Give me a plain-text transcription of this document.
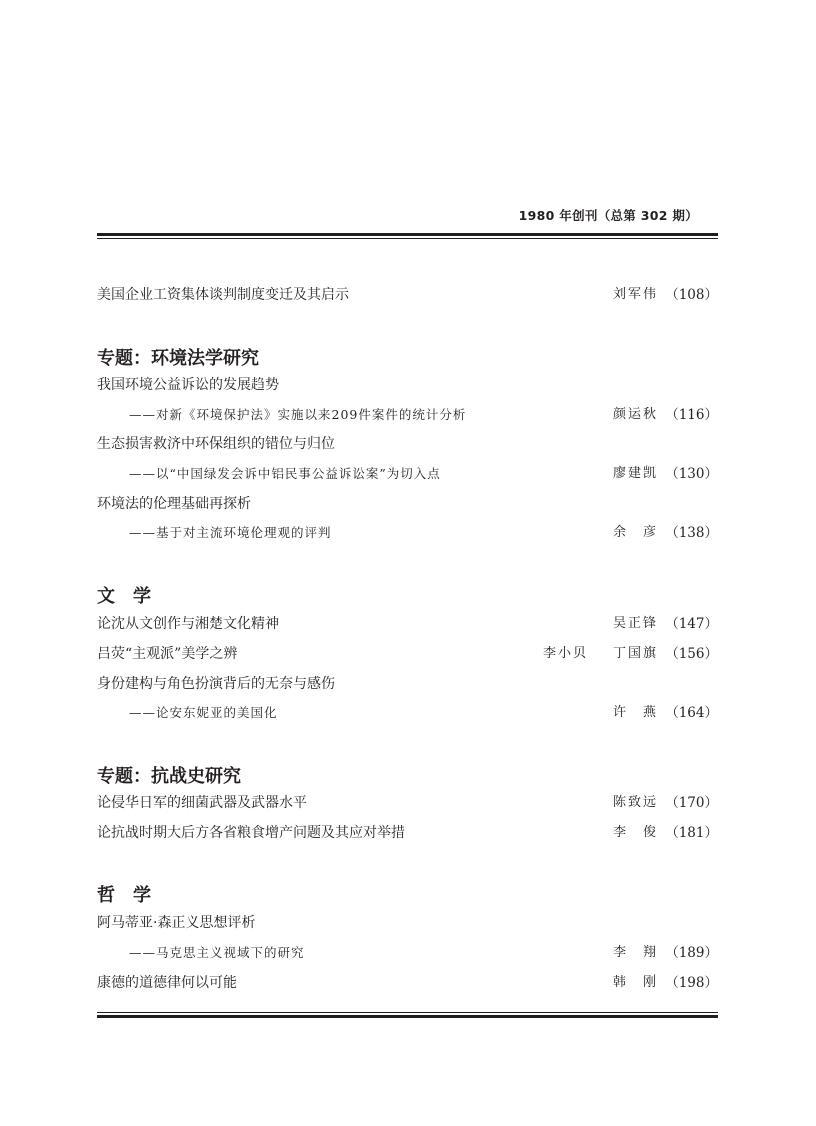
1980 年创刊（总第 302 期）
美国企业工资集体谈判制度变迁及其启示	刘军伟 （108）
专题：环境法学研究
我国环境公益诉讼的发展趋势
——对新《环境保护法》实施以来209件案件的统计分析	颜运秋 （116）
生态损害救济中环保组织的错位与归位
——以“中国绿发会诉中铝民事公益诉讼案”为切入点	廖建凯 （130）
环境法的伦理基础再探析
——基于对主流环境伦理观的评判	余　彦 （138）
文　学
论沈从文创作与湘楚文化精神	吴正锋 （147）
吕荧“主观派”美学之辨	李小贝 丁国旗 （156）
身份建构与角色扮演背后的无奈与感伤
——论安东妮亚的美国化	许　燕 （164）
专题：抗战史研究
论侵华日军的细菌武器及武器水平	陈致远 （170）
论抗战时期大后方各省粮食增产问题及其应对举措	李　俊 （181）
哲　学
阿马蒂亚·森正义思想评析
——马克思主义视域下的研究	李　翔 （189）
康德的道德律何以可能	韩　刚 （198）
